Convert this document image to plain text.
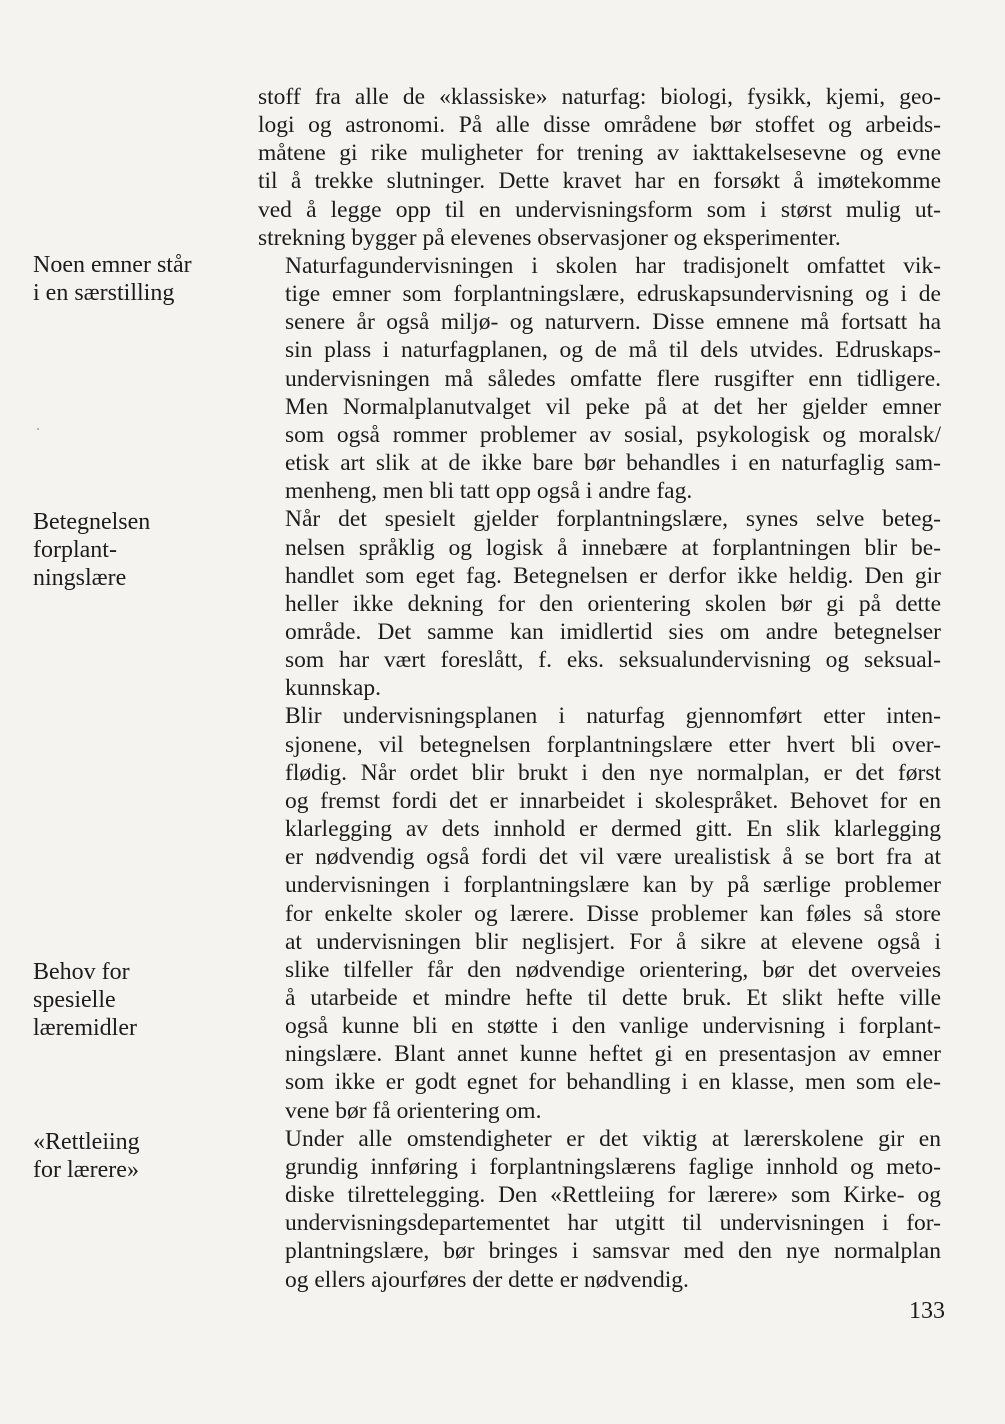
Noen emner står
i en særstilling
Betegnelsen
forplant-
ningslære
Behov for
spesielle
læremidler
«Rettleiing
for lærere»

stoff fra alle de «klassiske» naturfag: biologi, fysikk, kjemi, geo-
logi og astronomi. På alle disse områdene bør stoffet og arbeids-
måtene gi rike muligheter for trening av iakttakelsesevne og evne
til å trekke slutninger. Dette kravet har en forsøkt å imøtekomme
ved å legge opp til en undervisningsform som i størst mulig ut-
strekning bygger på elevenes observasjoner og eksperimenter.

Naturfagundervisningen i skolen har tradisjonelt omfattet vik-
tige emner som forplantningslære, edruskapsundervisning og i de
senere år også miljø- og naturvern. Disse emnene må fortsatt ha
sin plass i naturfagplanen, og de må til dels utvides. Edruskaps-
undervisningen må således omfatte flere rusgifter enn tidligere.
Men Normalplanutvalget vil peke på at det her gjelder emner
som også rommer problemer av sosial, psykologisk og moralsk/
etisk art slik at de ikke bare bør behandles i en naturfaglig sam-
menheng, men bli tatt opp også i andre fag.

Når det spesielt gjelder forplantningslære, synes selve beteg-
nelsen språklig og logisk å innebære at forplantningen blir be-
handlet som eget fag. Betegnelsen er derfor ikke heldig. Den gir
heller ikke dekning for den orientering skolen bør gi på dette
område. Det samme kan imidlertid sies om andre betegnelser
som har vært foreslått, f. eks. seksualundervisning og seksual-
kunnskap.

Blir undervisningsplanen i naturfag gjennomført etter inten-
sjonene, vil betegnelsen forplantningslære etter hvert bli over-
flødig. Når ordet blir brukt i den nye normalplan, er det først
og fremst fordi det er innarbeidet i skolespråket. Behovet for en
klarlegging av dets innhold er dermed gitt. En slik klarlegging
er nødvendig også fordi det vil være urealistisk å se bort fra at
undervisningen i forplantningslære kan by på særlige problemer
for enkelte skoler og lærere. Disse problemer kan føles så store
at undervisningen blir neglisjert. For å sikre at elevene også i
slike tilfeller får den nødvendige orientering, bør det overveies
å utarbeide et mindre hefte til dette bruk. Et slikt hefte ville
også kunne bli en støtte i den vanlige undervisning i forplant-
ningslære. Blant annet kunne heftet gi en presentasjon av emner
som ikke er godt egnet for behandling i en klasse, men som ele-
vene bør få orientering om.

Under alle omstendigheter er det viktig at lærerskolene gir en
grundig innføring i forplantningslærens faglige innhold og meto-
diske tilrettelegging. Den «Rettleiing for lærere» som Kirke- og
undervisningsdepartementet har utgitt til undervisningen i for-
plantningslære, bør bringes i samsvar med den nye normalplan
og ellers ajourføres der dette er nødvendig.

133
